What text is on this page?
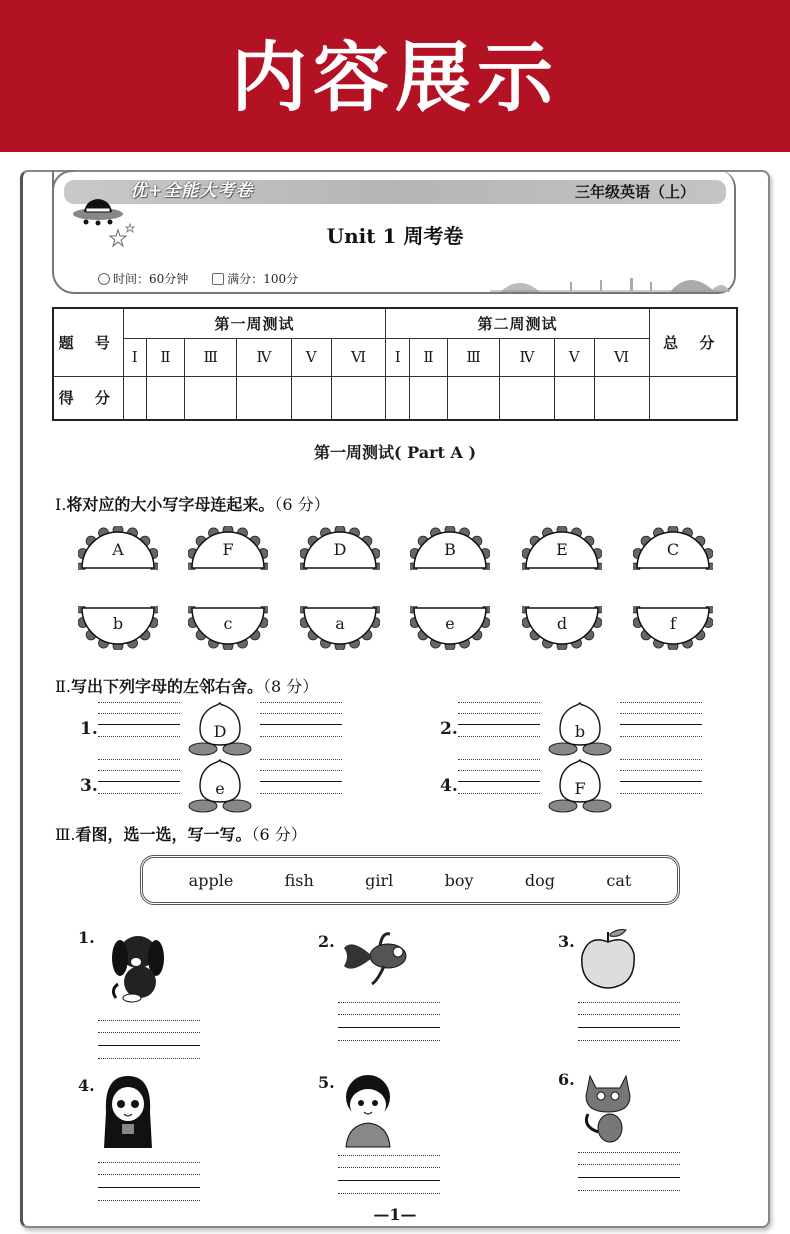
内容展示
优+全能大考卷	三年级英语（上）
Unit 1 周考卷
时间：60分钟	满分：100分
题 号	第一周测试						第二周测试						总 分
	Ⅰ	Ⅱ	Ⅲ	Ⅳ	Ⅴ	Ⅵ	Ⅰ	Ⅱ	Ⅲ	Ⅳ	Ⅴ	Ⅵ	
得 分													
第一周测试( Part A )
Ⅰ.将对应的大小写字母连起来。（6 分）
A
b
F
c
D
a
B
e
E
d
C
f
Ⅱ.写出下列字母的左邻右舍。（8 分）
1.	D	2.	b
3.	e	4.	F
Ⅲ.看图，选一选，写一写。（6 分）
apple	fish	girl	boy	dog	cat
1.	2.	3.
4.	5.	6.
—1—
